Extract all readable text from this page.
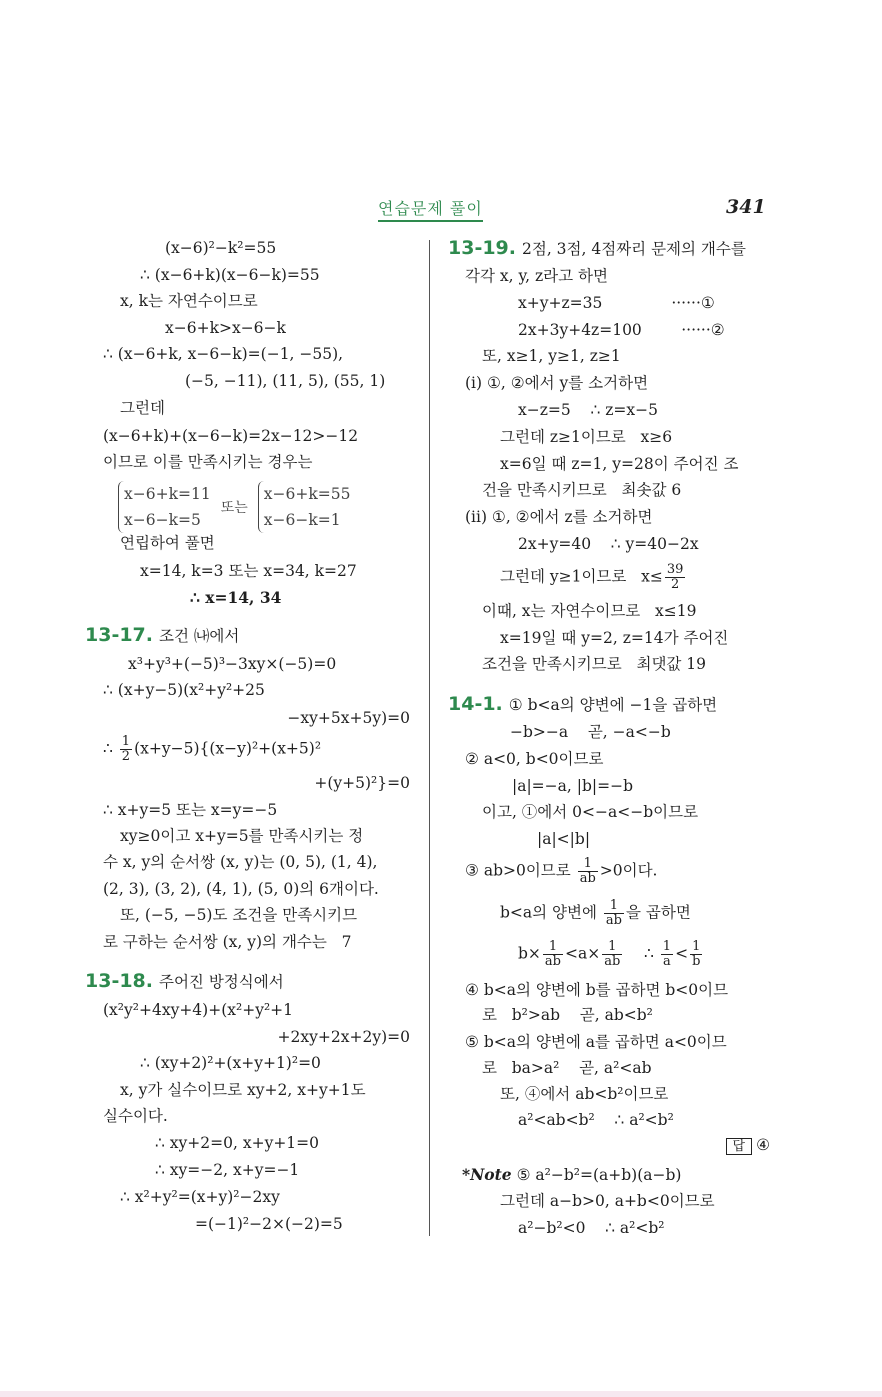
연습문제 풀이	341
(x−6)²−k²=55
∴ (x−6+k)(x−6−k)=55
x, k는 자연수이므로
x−6+k>x−6−k
∴ (x−6+k, x−6−k)=(−1, −55),
(−5, −11), (11, 5), (55, 1)
그런데
(x−6+k)+(x−6−k)=2x−12>−12
이므로 이를 만족시키는 경우는
x−6+k=11
x−6−k=5
또는
x−6+k=55
x−6−k=1
연립하여 풀면
x=14, k=3 또는 x=34, k=27
∴ x=14, 34
13-17. 조건 ㈏에서
x³+y³+(−5)³−3xy×(−5)=0
∴ (x+y−5)(x²+y²+25
−xy+5x+5y)=0
∴ $\frac{1}{2} (x+y-5)\{(x-y)^2+(x+5)^2$
+(y+5)²}=0
∴ x+y=5 또는 x=y=−5
xy≥0이고 x+y=5를 만족시키는 정
수 x, y의 순서쌍 (x, y)는 (0, 5), (1, 4),
(2, 3), (3, 2), (4, 1), (5, 0)의 6개이다.
또, (−5, −5)도 조건을 만족시키므
로 구하는 순서쌍 (x, y)의 개수는   7
13-18. 주어진 방정식에서
(x²y²+4xy+4)+(x²+y²+1
+2xy+2x+2y)=0
∴ (xy+2)²+(x+y+1)²=0
x, y가 실수이므로 xy+2, x+y+1도
실수이다.
∴ xy+2=0, x+y+1=0
∴ xy=−2, x+y=−1
∴ x²+y²=(x+y)²−2xy
=(−1)²−2×(−2)=5
13-19. 2점, 3점, 4점짜리 문제의 개수를
각각 x, y, z라고 하면
x+y+z=35              ······①
2x+3y+4z=100        ······②
또, x≥1, y≥1, z≥1
(i) ①, ②에서 y를 소거하면
x−z=5    ∴ z=x−5
그런데 z≥1이므로   x≥6
x=6일 때 z=1, y=28이 주어진 조
건을 만족시키므로   최솟값 6
(ii) ①, ②에서 z를 소거하면
2x+y=40    ∴ y=40−2x
그런데 y≥1이므로   $x\le \frac{39}{2}$
이때, x는 자연수이므로   x≤19
x=19일 때 y=2, z=14가 주어진
조건을 만족시키므로   최댓값 19
14-1. ① b<a의 양변에 −1을 곱하면
−b>−a    곧, −a<−b
② a<0, b<0이므로
|a|=−a, |b|=−b
이고, ①에서 0<−a<−b이므로
|a|<|b|
③ ab>0이므로 $\frac{1}{ab} >0$이다.
b<a의 양변에 $\frac{1}{ab}$ 을 곱하면
$b\times \frac{1}{ab} <a\times \frac{1}{ab}$ ∴ $\frac{1}{a} < \frac{1}{b}$
④ b<a의 양변에 b를 곱하면 b<0이므
로   b²>ab    곧, ab<b²
⑤ b<a의 양변에 a를 곱하면 a<0이므
로   ba>a²    곧, a²<ab
또, ④에서 ab<b²이므로
a²<ab<b²    ∴ a²<b²
답 ④
*Note ⑤ a²−b²=(a+b)(a−b)
그런데 a−b>0, a+b<0이므로
a²−b²<0    ∴ a²<b²
